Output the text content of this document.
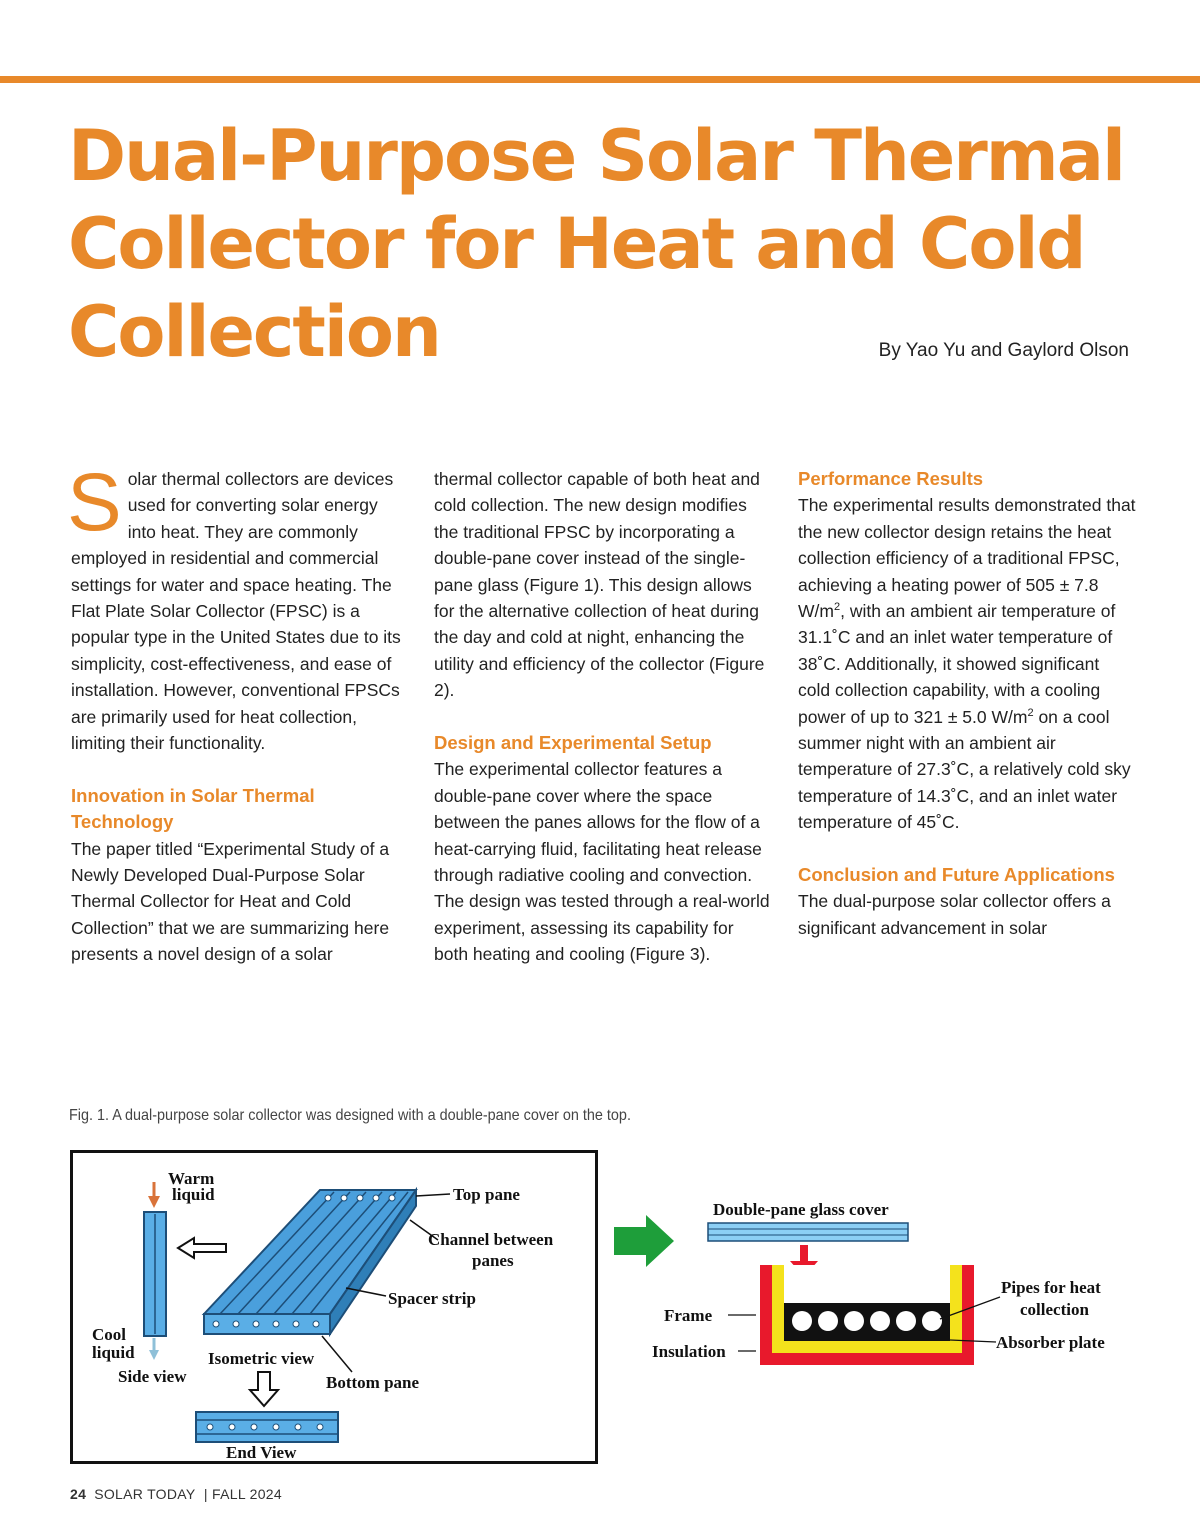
Dual-Purpose Solar Thermal Collector for Heat and Cold Collection	By Yao Yu and Gaylord Olson

Solar thermal collectors are devices used for converting solar energy into heat. They are commonly employed in residential and commercial settings for water and space heating. The Flat Plate Solar Collector (FPSC) is a popular type in the United States due to its simplicity, cost-effectiveness, and ease of installation. However, conventional FPSCs are primarily used for heat collection, limiting their functionality.

Innovation in Solar Thermal Technology

The paper titled “Experimental Study of a Newly Developed Dual-Purpose Solar Thermal Collector for Heat and Cold Collection” that we are summarizing here presents a novel design of a solar

thermal collector capable of both heat and cold collection. The new design modifies the traditional FPSC by incorporating a double-pane cover instead of the single-pane glass (Figure 1). This design allows for the alternative collection of heat during the day and cold at night, enhancing the utility and efficiency of the collector (Figure 2).

Design and Experimental Setup

The experimental collector features a double-pane cover where the space between the panes allows for the flow of a heat-carrying fluid, facilitating heat release through radiative cooling and convection. The design was tested through a real-world experiment, assessing its capability for both heating and cooling (Figure 3).

Performance Results

The experimental results demonstrated that the new collector design retains the heat collection efficiency of a traditional FPSC, achieving a heating power of 505 ± 7.8 $W/m^2$, with an ambient air temperature of 31.1˚C and an inlet water temperature of 38˚C. Additionally, it showed significant cold collection capability, with a cooling power of up to 321 ± 5.0 $W/m^2$ on a cool summer night with an ambient air temperature of 27.3˚C, a relatively cold sky temperature of 14.3˚C, and an inlet water temperature of 45˚C.

Conclusion and Future Applications

The dual-purpose solar collector offers a significant advancement in solar

Fig. 1. A dual-purpose solar collector was designed with a double-pane cover on the top.
Warm
liquid
Cool
liquid
Side view
Top pane
Channel between
panes
Spacer strip
Isometric view
Bottom pane
End View
Double-pane glass cover
Frame
Insulation
Pipes for heat
collection
Absorber plate
24 SOLAR TODAY | FALL 2024
